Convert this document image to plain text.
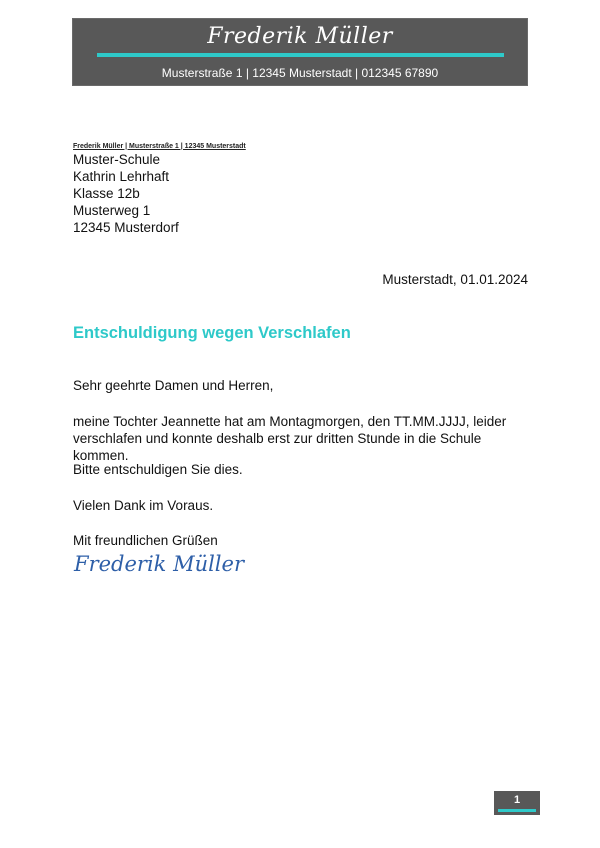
Frederik Müller
Musterstraße 1 | 12345 Musterstadt | 012345 67890
Frederik Müller | Musterstraße 1 | 12345 Musterstadt
Muster-Schule
Kathrin Lehrhaft
Klasse 12b
Musterweg 1
12345 Musterdorf
Musterstadt, 01.01.2024
Entschuldigung wegen Verschlafen
Sehr geehrte Damen und Herren,
meine Tochter Jeannette hat am Montagmorgen, den TT.MM.JJJJ, leider verschlafen und konnte deshalb erst zur dritten Stunde in die Schule kommen.
Bitte entschuldigen Sie dies.
Vielen Dank im Voraus.
Mit freundlichen Grüßen
Frederik Müller
1
